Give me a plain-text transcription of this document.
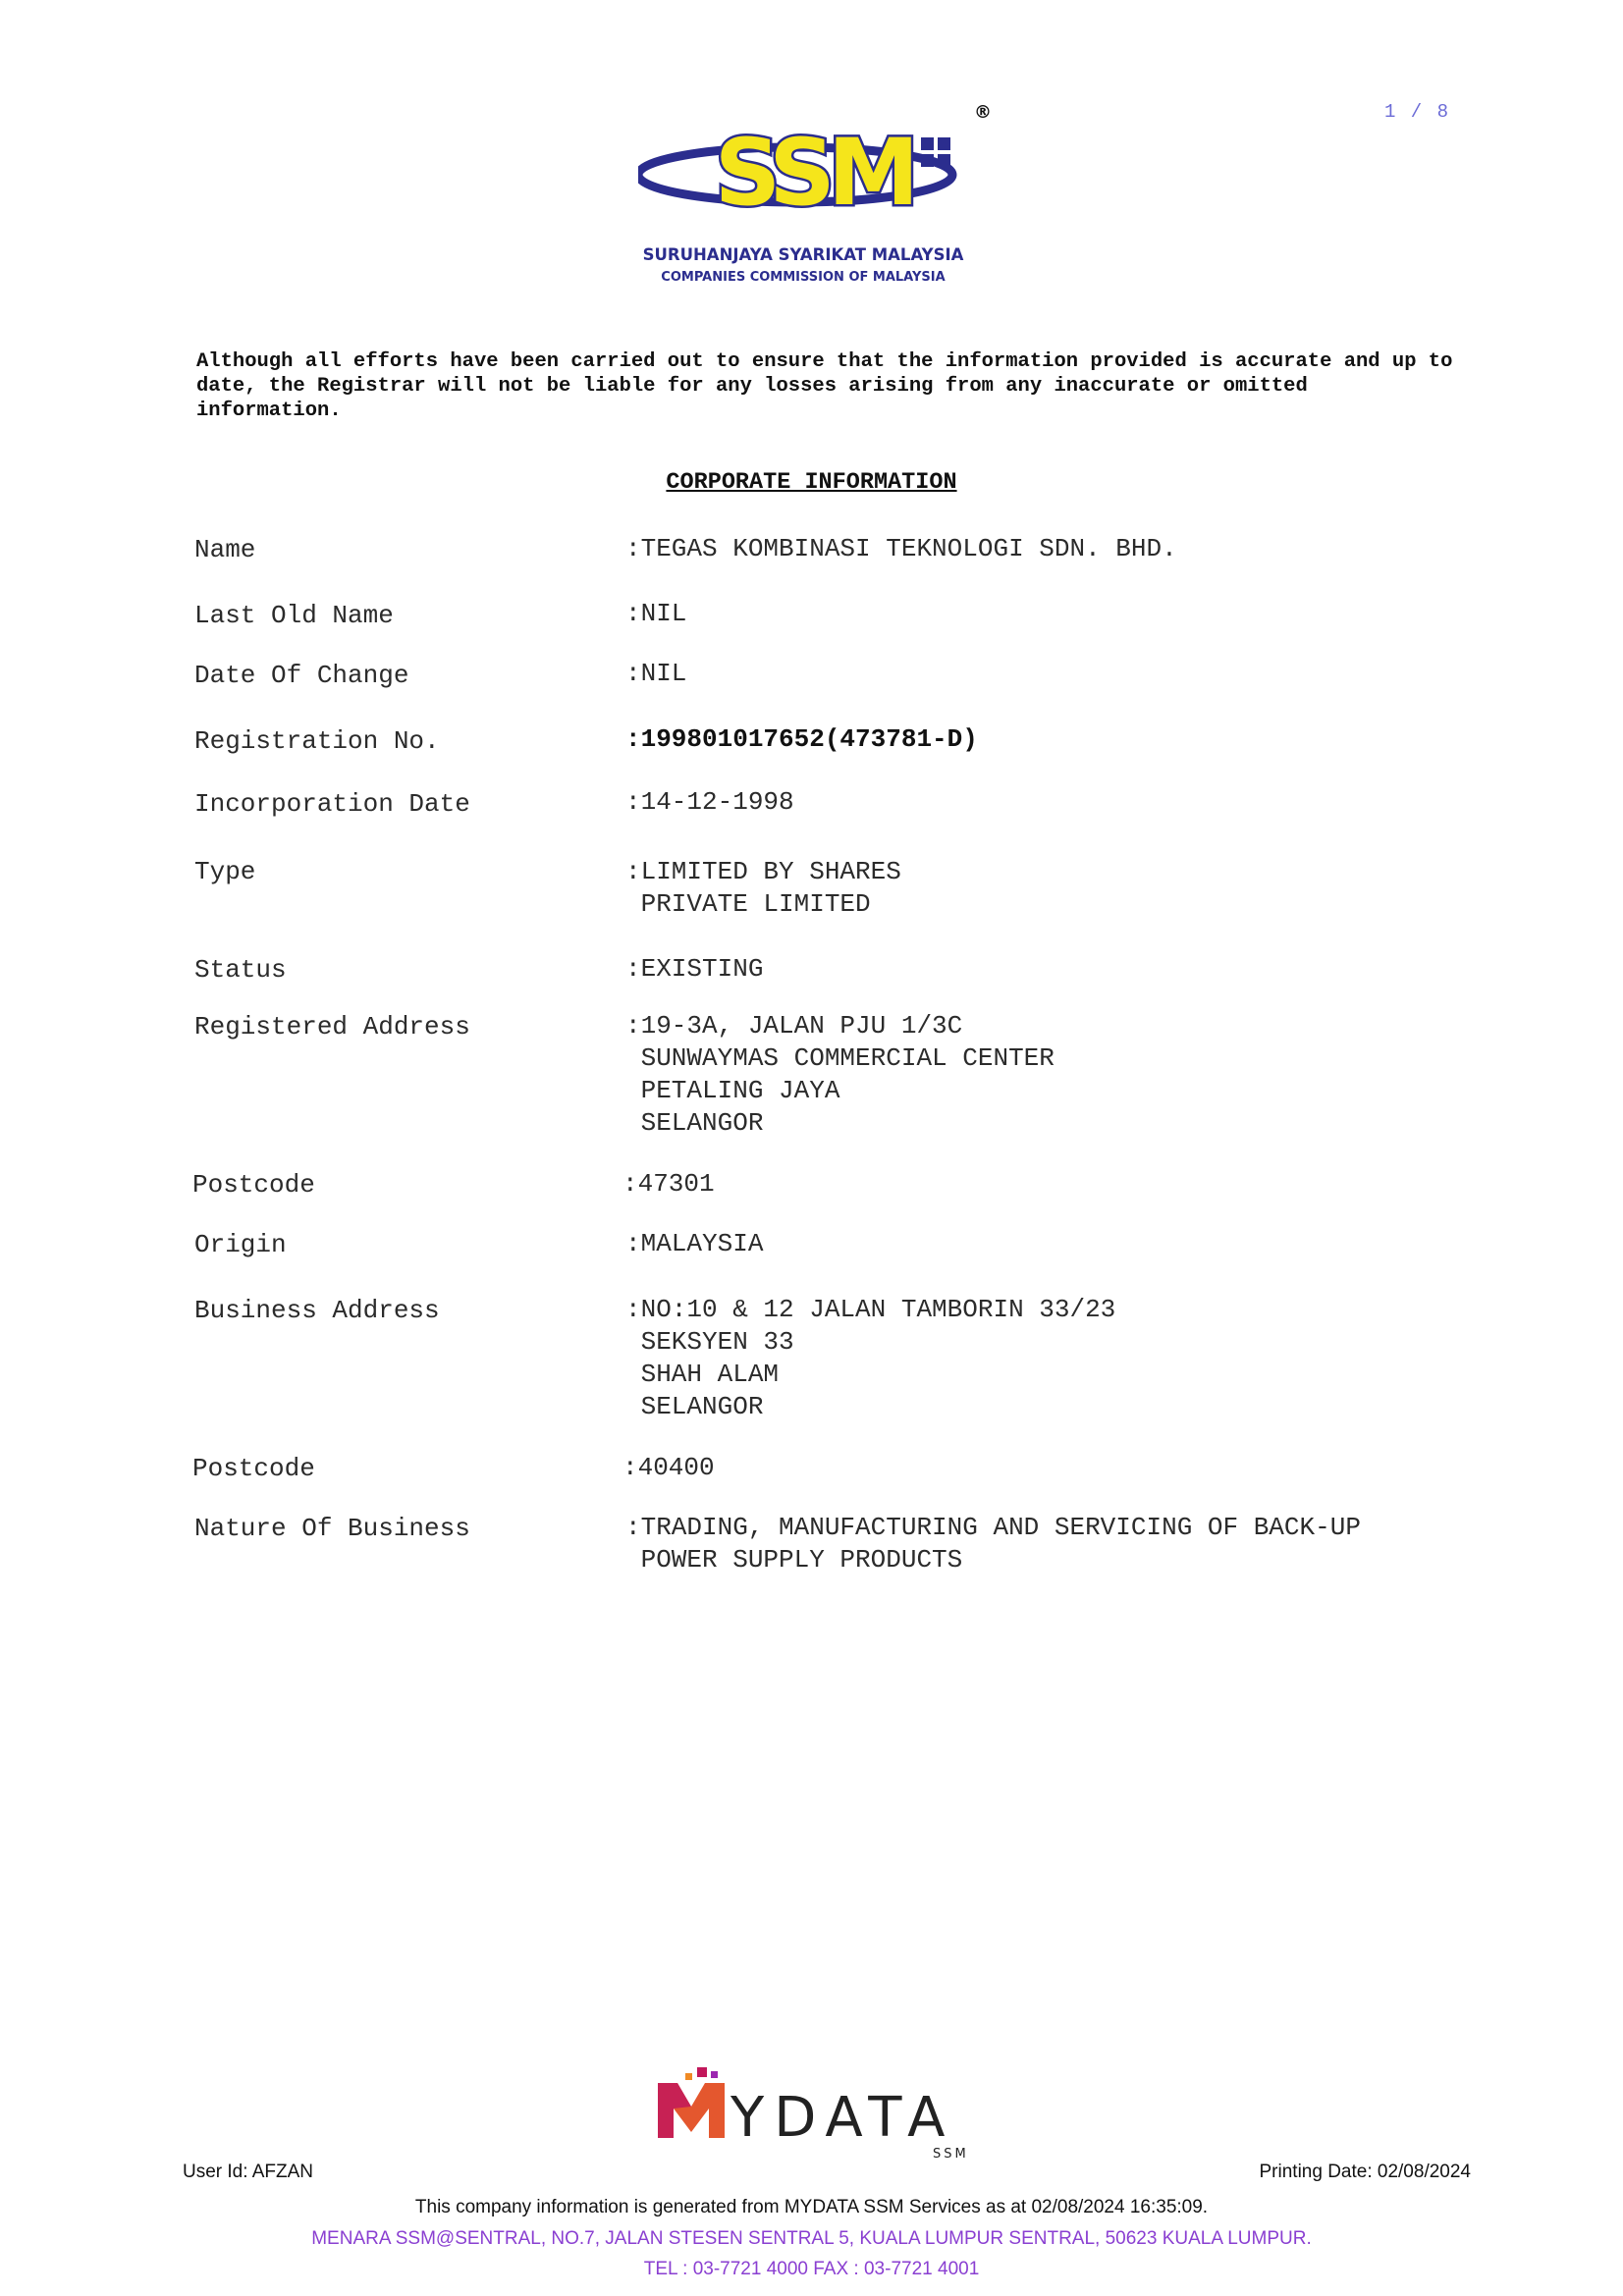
1 / 8
SSM
®
SURUHANJAYA SYARIKAT MALAYSIA
COMPANIES COMMISSION OF MALAYSIA
Although all efforts have been carried out to ensure that the information provided is accurate and up to date, the Registrar will not be liable for any losses arising from any inaccurate or omitted information.
CORPORATE INFORMATION
Name	:TEGAS KOMBINASI TEKNOLOGI SDN. BHD.
Last Old Name	:NIL
Date Of Change	:NIL
Registration No.	:199801017652(473781-D)
Incorporation Date	:14-12-1998
Type	:LIMITED BY SHARES
PRIVATE LIMITED
Status	:EXISTING
Registered Address	:19-3A, JALAN PJU 1/3C
SUNWAYMAS COMMERCIAL CENTER
PETALING JAYA
SELANGOR
Postcode	:47301
Origin	:MALAYSIA
Business Address	:NO:10 & 12 JALAN TAMBORIN 33/23
SEKSYEN 33
SHAH ALAM
SELANGOR
Postcode	:40400
Nature Of Business	:TRADING, MANUFACTURING AND SERVICING OF BACK-UP
POWER SUPPLY PRODUCTS
YDATA
SSM
User Id: AFZAN	Printing Date: 02/08/2024
This company information is generated from MYDATA SSM Services as at 02/08/2024 16:35:09.
MENARA SSM@SENTRAL, NO.7, JALAN STESEN SENTRAL 5, KUALA LUMPUR SENTRAL, 50623 KUALA LUMPUR.
TEL : 03-7721 4000 FAX : 03-7721 4001
